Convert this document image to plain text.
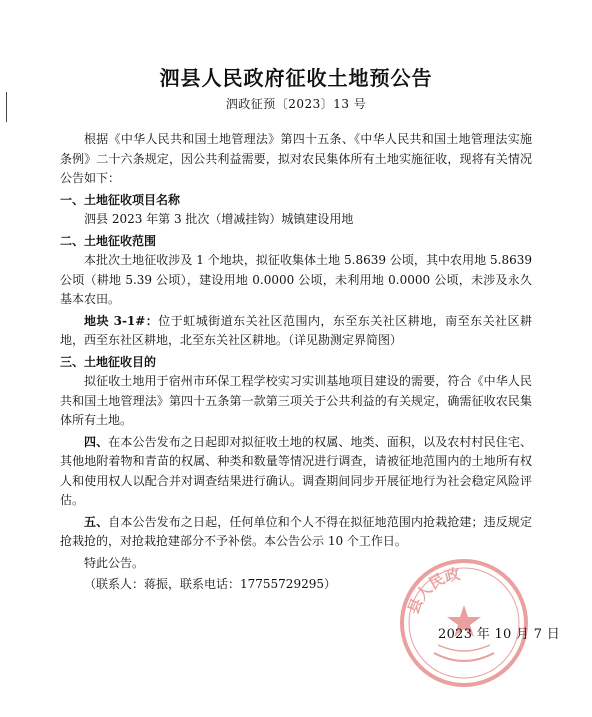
泗县人民政府征收土地预公告
泗政征预〔2023〕13 号

根据《中华人民共和国土地管理法》第四十五条、《中华人民共和国土地管理法实施条例》二十六条规定，因公共利益需要，拟对农民集体所有土地实施征收，现将有关情况公告如下：

一、土地征收项目名称

泗县 2023 年第 3 批次（增减挂钩）城镇建设用地

二、土地征收范围

本批次土地征收涉及 1 个地块，拟征收集体土地 5.8639 公顷，其中农用地 5.8639 公顷（耕地 5.39 公顷），建设用地 0.0000 公顷，未利用地 0.0000 公顷，未涉及永久基本农田。

地块 3-1#：位于虹城街道东关社区范围内，东至东关社区耕地，南至东关社区耕地，西至东社区耕地，北至东关社区耕地。（详见勘测定界简图）

三、土地征收目的

拟征收土地用于宿州市环保工程学校实习实训基地项目建设的需要，符合《中华人民共和国土地管理法》第四十五条第一款第三项关于公共利益的有关规定，确需征收农民集体所有土地。

四、在本公告发布之日起即对拟征收土地的权属、地类、面积，以及农村村民住宅、其他地附着物和青苗的权属、种类和数量等情况进行调查，请被征地范围内的土地所有权人和使用权人以配合并对调查结果进行确认。调查期间同步开展征地行为社会稳定风险评估。

五、自本公告发布之日起，任何单位和个人不得在拟征地范围内抢栽抢建；违反规定抢栽抢的，对抢栽抢建部分不予补偿。本公告公示 10 个工作日。

特此公告。

（联系人：蒋振，联系电话：17755729295）

县人民政
2023 年 10 月 7 日
